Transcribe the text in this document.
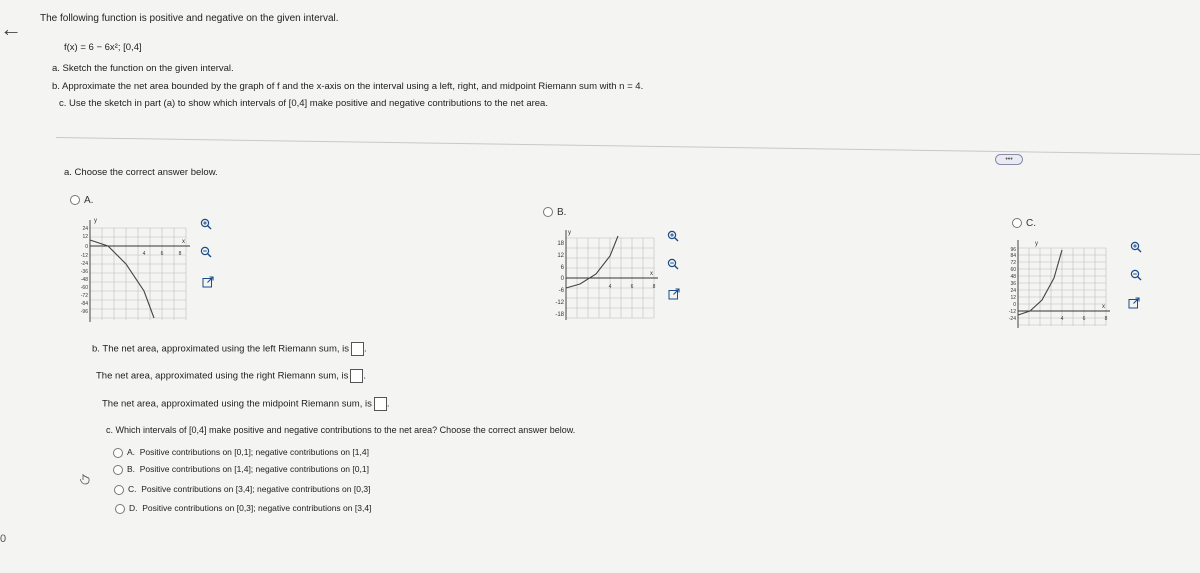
←
0
The following function is positive and negative on the given interval.
f(x) = 6 − 6x²; [0,4]
a. Sketch the function on the given interval.
b. Approximate the net area bounded by the graph of f and the x-axis on the interval using a left, right, and midpoint Riemann sum with n = 4.
c. Use the sketch in part (a) to show which intervals of [0,4] make positive and negative contributions to the net area.
•••
a. Choose the correct answer below.
A.
y
x
24
12
0
-12
-24
-36
-48
-60
-72
-84
-96
4	6	8
B.
y
x
18
12
6
0
-6
-12
-18
4	6	8
C.
y
x
96
84
72
60
48
36
24
12
0
-12
-24	4	6	8
b. The net area, approximated using the left Riemann sum, is .
The net area, approximated using the right Riemann sum, is .
The net area, approximated using the midpoint Riemann sum, is .
c. Which intervals of [0,4] make positive and negative contributions to the net area? Choose the correct answer below.
A. Positive contributions on [0,1]; negative contributions on [1,4]
B. Positive contributions on [1,4]; negative contributions on [0,1]
C. Positive contributions on [3,4]; negative contributions on [0,3]
D. Positive contributions on [0,3]; negative contributions on [3,4]
